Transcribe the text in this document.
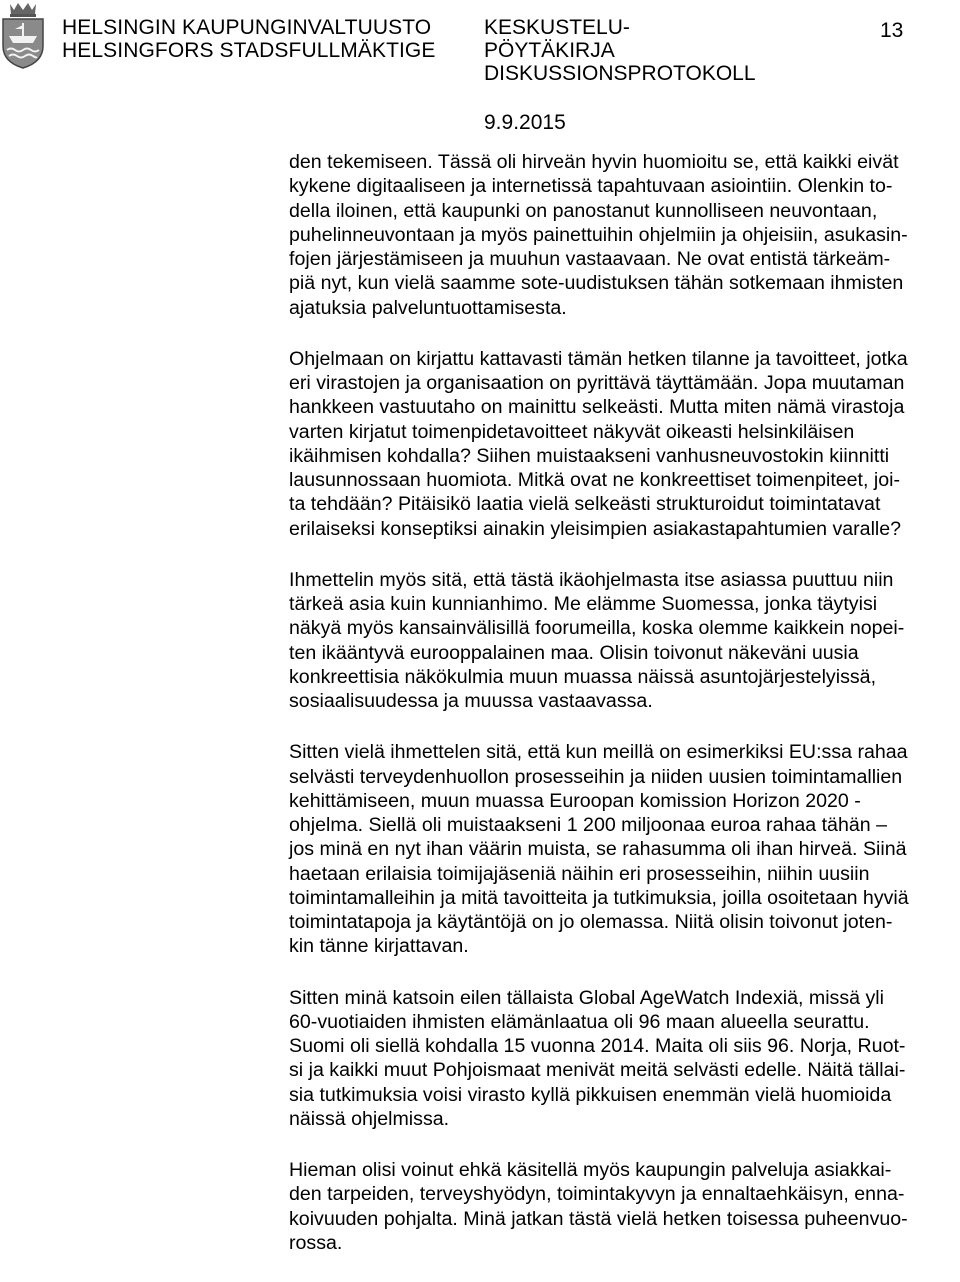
HELSINGIN KAUPUNGINVALTUUSTO
HELSINGFORS STADSFULLMÄKTIGE
KESKUSTELU-
PÖYTÄKIRJA
DISKUSSIONSPROTOKOLL
9.9.2015
13

den tekemiseen. Tässä oli hirveän hyvin huomioitu se, että kaikki eivät
kykene digitaaliseen ja internetissä tapahtuvaan asiointiin. Olenkin to-
della iloinen, että kaupunki on panostanut kunnolliseen neuvontaan,
puhelinneuvontaan ja myös painettuihin ohjelmiin ja ohjeisiin, asukasin-
fojen järjestämiseen ja muuhun vastaavaan. Ne ovat entistä tärkeäm-
piä nyt, kun vielä saamme sote-uudistuksen tähän sotkemaan ihmisten
ajatuksia palveluntuottamisesta.

Ohjelmaan on kirjattu kattavasti tämän hetken tilanne ja tavoitteet, jotka
eri virastojen ja organisaation on pyrittävä täyttämään. Jopa muutaman
hankkeen vastuutaho on mainittu selkeästi. Mutta miten nämä virastoja
varten kirjatut toimenpidetavoitteet näkyvät oikeasti helsinkiläisen
ikäihmisen kohdalla? Siihen muistaakseni vanhusneuvostokin kiinnitti
lausunnossaan huomiota. Mitkä ovat ne konkreettiset toimenpiteet, joi-
ta tehdään? Pitäisikö laatia vielä selkeästi strukturoidut toimintatavat
erilaiseksi konseptiksi ainakin yleisimpien asiakastapahtumien varalle?

Ihmettelin myös sitä, että tästä ikäohjelmasta itse asiassa puuttuu niin
tärkeä asia kuin kunnianhimo. Me elämme Suomessa, jonka täytyisi
näkyä myös kansainvälisillä foorumeilla, koska olemme kaikkein nopei-
ten ikääntyvä eurooppalainen maa. Olisin toivonut näkeväni uusia
konkreettisia näkökulmia muun muassa näissä asuntojärjestelyissä,
sosiaalisuudessa ja muussa vastaavassa.

Sitten vielä ihmettelen sitä, että kun meillä on esimerkiksi EU:ssa rahaa
selvästi terveydenhuollon prosesseihin ja niiden uusien toimintamallien
kehittämiseen, muun muassa Euroopan komission Horizon 2020 -
ohjelma. Siellä oli muistaakseni 1 200 miljoonaa euroa rahaa tähän –
jos minä en nyt ihan väärin muista, se rahasumma oli ihan hirveä. Siinä
haetaan erilaisia toimijajäseniä näihin eri prosesseihin, niihin uusiin
toimintamalleihin ja mitä tavoitteita ja tutkimuksia, joilla osoitetaan hyviä
toimintatapoja ja käytäntöjä on jo olemassa. Niitä olisin toivonut joten-
kin tänne kirjattavan.

Sitten minä katsoin eilen tällaista Global AgeWatch Indexiä, missä yli
60-vuotiaiden ihmisten elämänlaatua oli 96 maan alueella seurattu.
Suomi oli siellä kohdalla 15 vuonna 2014. Maita oli siis 96. Norja, Ruot-
si ja kaikki muut Pohjoismaat menivät meitä selvästi edelle. Näitä tällai-
sia tutkimuksia voisi virasto kyllä pikkuisen enemmän vielä huomioida
näissä ohjelmissa.

Hieman olisi voinut ehkä käsitellä myös kaupungin palveluja asiakkai-
den tarpeiden, terveyshyödyn, toimintakyvyn ja ennaltaehkäisyn, enna-
koivuuden pohjalta. Minä jatkan tästä vielä hetken toisessa puheenvuo-
rossa.
